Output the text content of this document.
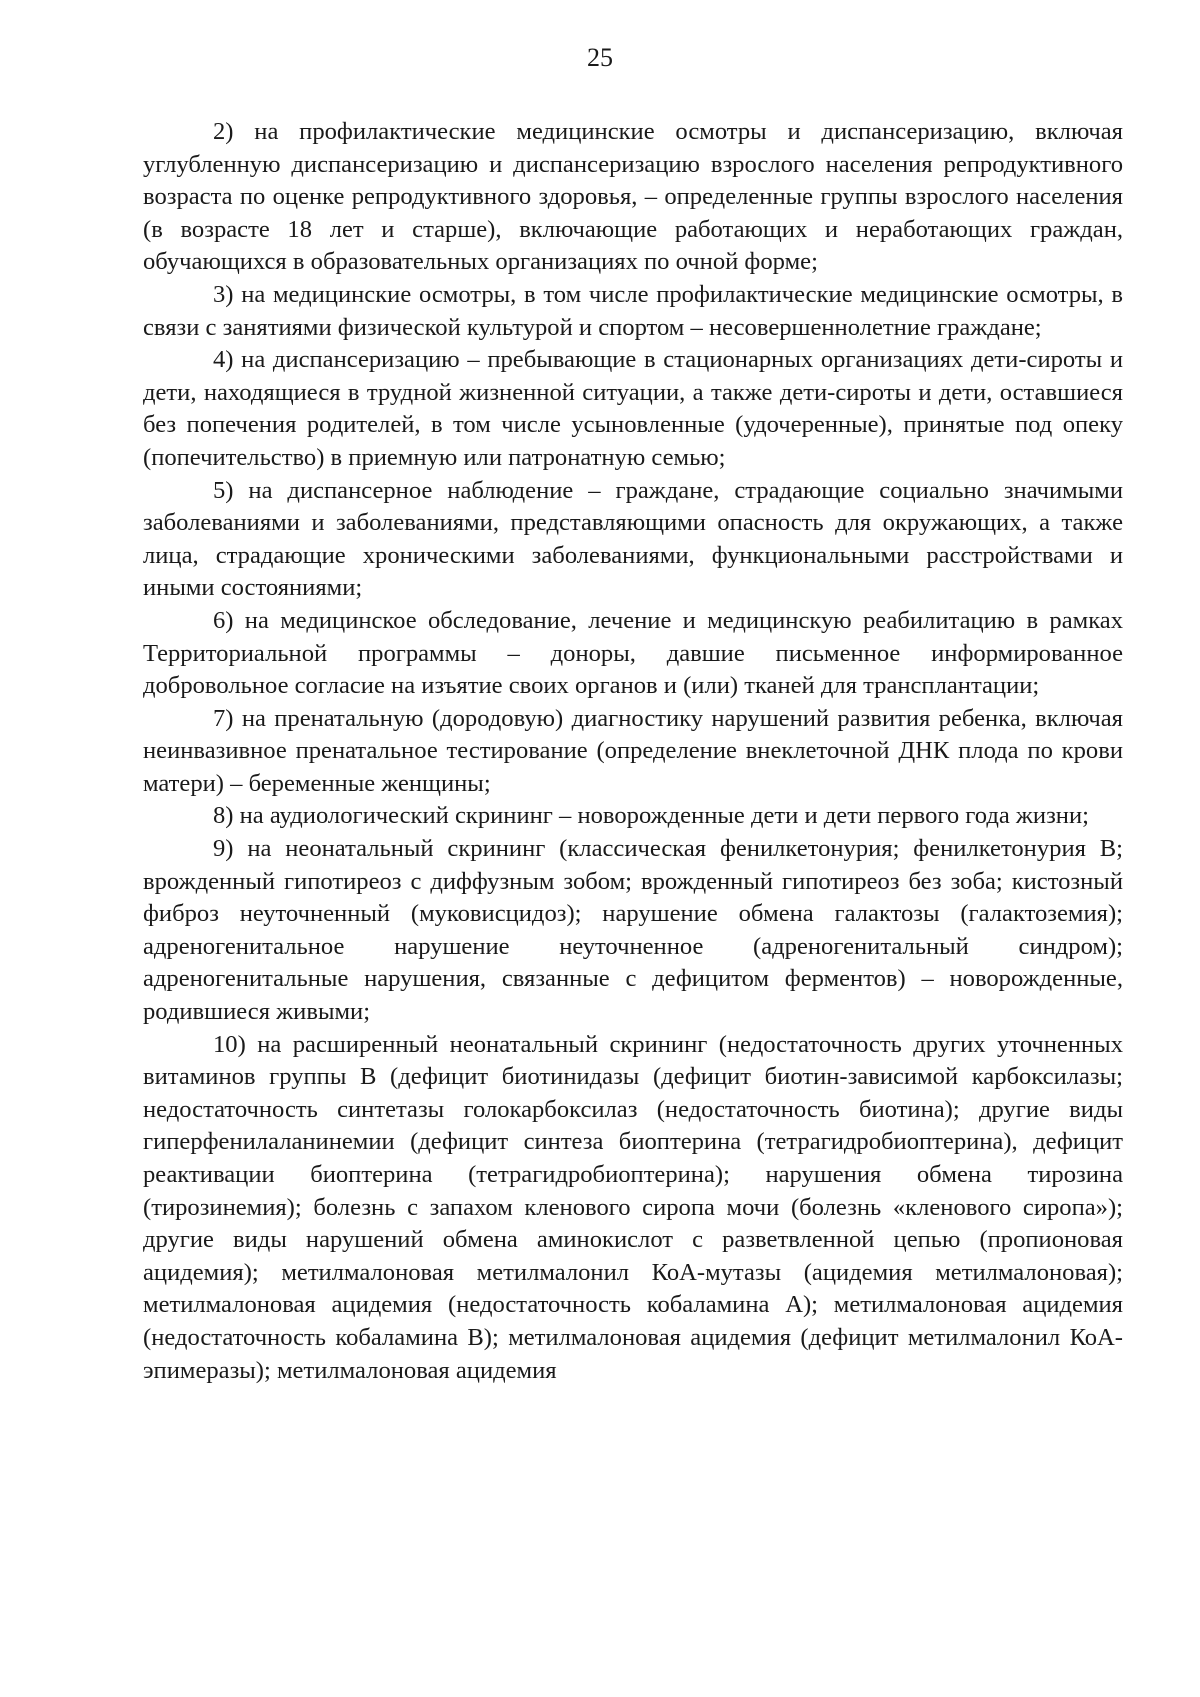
25

2) на профилактические медицинские осмотры и диспансеризацию, включая углубленную диспансеризацию и диспансеризацию взрослого населения репродуктивного возраста по оценке репродуктивного здоровья, – определенные группы взрослого населения (в возрасте 18 лет и старше), включающие работающих и неработающих граждан, обучающихся в образовательных организациях по очной форме;

3) на медицинские осмотры, в том числе профилактические медицинские осмотры, в связи с занятиями физической культурой и спортом – несовершеннолетние граждане;

4) на диспансеризацию – пребывающие в стационарных организациях дети-сироты и дети, находящиеся в трудной жизненной ситуации, а также дети-сироты и дети, оставшиеся без попечения родителей, в том числе усыновленные (удочеренные), принятые под опеку (попечительство) в приемную или патронатную семью;

5) на диспансерное наблюдение – граждане, страдающие социально значимыми заболеваниями и заболеваниями, представляющими опасность для окружающих, а также лица, страдающие хроническими заболеваниями, функциональными расстройствами и иными состояниями;

6) на медицинское обследование, лечение и медицинскую реабилитацию в рамках Территориальной программы – доноры, давшие письменное информированное добровольное согласие на изъятие своих органов и (или) тканей для трансплантации;

7) на пренатальную (дородовую) диагностику нарушений развития ребенка, включая неинвазивное пренатальное тестирование (определение внеклеточной ДНК плода по крови матери) – беременные женщины;

8) на аудиологический скрининг – новорожденные дети и дети первого года жизни;

9) на неонатальный скрининг (классическая фенилкетонурия; фенилкетонурия B; врожденный гипотиреоз с диффузным зобом; врожденный гипотиреоз без зоба; кистозный фиброз неуточненный (муковисцидоз); нарушение обмена галактозы (галактоземия); адреногенитальное нарушение неуточненное (адреногенитальный синдром); адреногенитальные нарушения, связанные с дефицитом ферментов) – новорожденные, родившиеся живыми;

10) на расширенный неонатальный скрининг (недостаточность других уточненных витаминов группы B (дефицит биотинидазы (дефицит биотин-зависимой карбоксилазы; недостаточность синтетазы голокарбоксилаз (недостаточность биотина); другие виды гиперфенилаланинемии (дефицит синтеза биоптерина (тетрагидробиоптерина), дефицит реактивации биоптерина (тетрагидробиоптерина); нарушения обмена тирозина (тирозинемия); болезнь с запахом кленового сиропа мочи (болезнь «кленового сиропа»); другие виды нарушений обмена аминокислот с разветвленной цепью (пропионовая ацидемия); метилмалоновая метилмалонил КоА-мутазы (ацидемия метилмалоновая); метилмалоновая ацидемия (недостаточность кобаламина A); метилмалоновая ацидемия (недостаточность кобаламина B); метилмалоновая ацидемия (дефицит метилмалонил КоА-эпимеразы); метилмалоновая ацидемия
